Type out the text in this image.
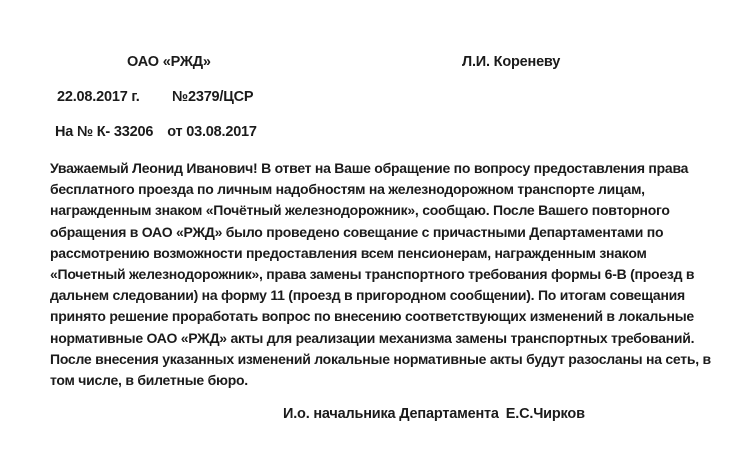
ОАО «РЖД»	Л.И. Кореневу
22.08.2017 г. №2379/ЦСР
На № К- 33206 от 03.08.2017
Уважаемый Леонид Иванович! В ответ на Ваше обращение по вопросу предоставления права
бесплатного проезда по личным надобностям на железнодорожном транспорте лицам,
награжденным знаком «Почётный железнодорожник», сообщаю. После Вашего повторного
обращения в ОАО «РЖД» было проведено совещание с причастными Департаментами по
рассмотрению возможности предоставления всем пенсионерам, награжденным знаком
«Почетный железнодорожник», права замены транспортного требования формы 6-В (проезд в
дальнем следовании) на форму 11 (проезд в пригородном сообщении). По итогам совещания
принято решение проработать вопрос по внесению соответствующих изменений в локальные
нормативные ОАО «РЖД» акты для реализации механизма замены транспортных требований.
После внесения указанных изменений локальные нормативные акты будут разосланы на сеть, в
том числе, в билетные бюро.
И.о. начальника Департамента Е.С.Чирков
